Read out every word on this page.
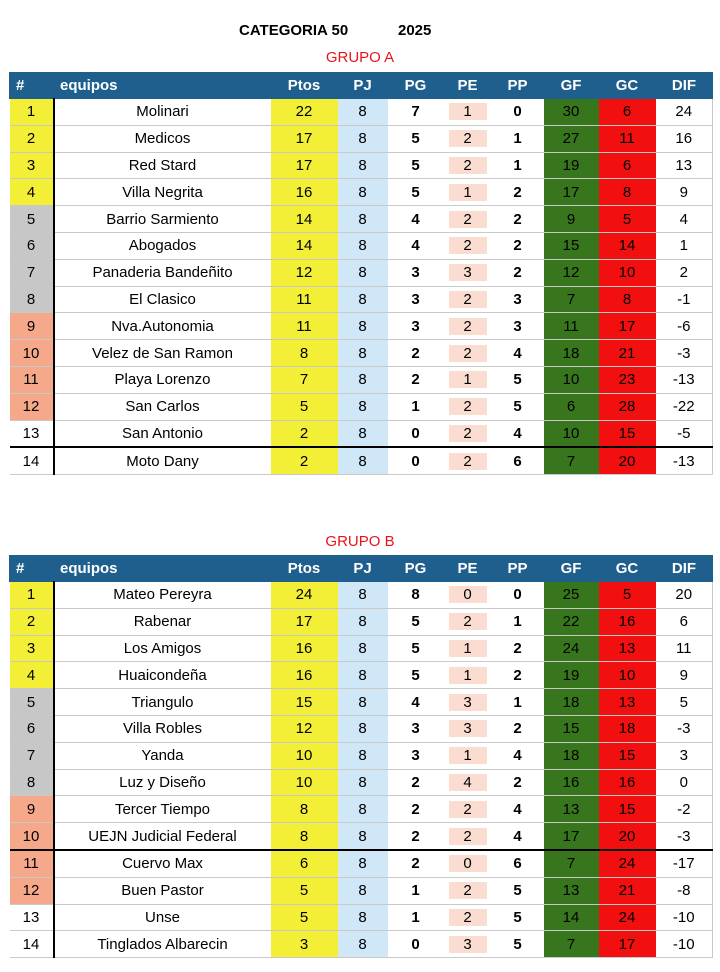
CATEGORIA 50	2025
GRUPO A
#	equipos	Ptos	PJ	PG	PE	PP	GF	GC	DIF
1	Molinari	22	8	7	1	0	30	6	24
2	Medicos	17	8	5	2	1	27	11	16
3	Red Stard	17	8	5	2	1	19	6	13
4	Villa Negrita	16	8	5	1	2	17	8	9
5	Barrio Sarmiento	14	8	4	2	2	9	5	4
6	Abogados	14	8	4	2	2	15	14	1
7	Panaderia Bandeñito	12	8	3	3	2	12	10	2
8	El Clasico	11	8	3	2	3	7	8	-1
9	Nva.Autonomia	11	8	3	2	3	11	17	-6
10	Velez de San Ramon	8	8	2	2	4	18	21	-3
11	Playa Lorenzo	7	8	2	1	5	10	23	-13
12	San Carlos	5	8	1	2	5	6	28	-22
13	San Antonio	2	8	0	2	4	10	15	-5
14	Moto Dany	2	8	0	2	6	7	20	-13
GRUPO B
#	equipos	Ptos	PJ	PG	PE	PP	GF	GC	DIF
1	Mateo Pereyra	24	8	8	0	0	25	5	20
2	Rabenar	17	8	5	2	1	22	16	6
3	Los Amigos	16	8	5	1	2	24	13	11
4	Huaicondeña	16	8	5	1	2	19	10	9
5	Triangulo	15	8	4	3	1	18	13	5
6	Villa Robles	12	8	3	3	2	15	18	-3
7	Yanda	10	8	3	1	4	18	15	3
8	Luz y Diseño	10	8	2	4	2	16	16	0
9	Tercer Tiempo	8	8	2	2	4	13	15	-2
10	UEJN Judicial Federal	8	8	2	2	4	17	20	-3
11	Cuervo Max	6	8	2	0	6	7	24	-17
12	Buen Pastor	5	8	1	2	5	13	21	-8
13	Unse	5	8	1	2	5	14	24	-10
14	Tinglados Albarecin	3	8	0	3	5	7	17	-10
